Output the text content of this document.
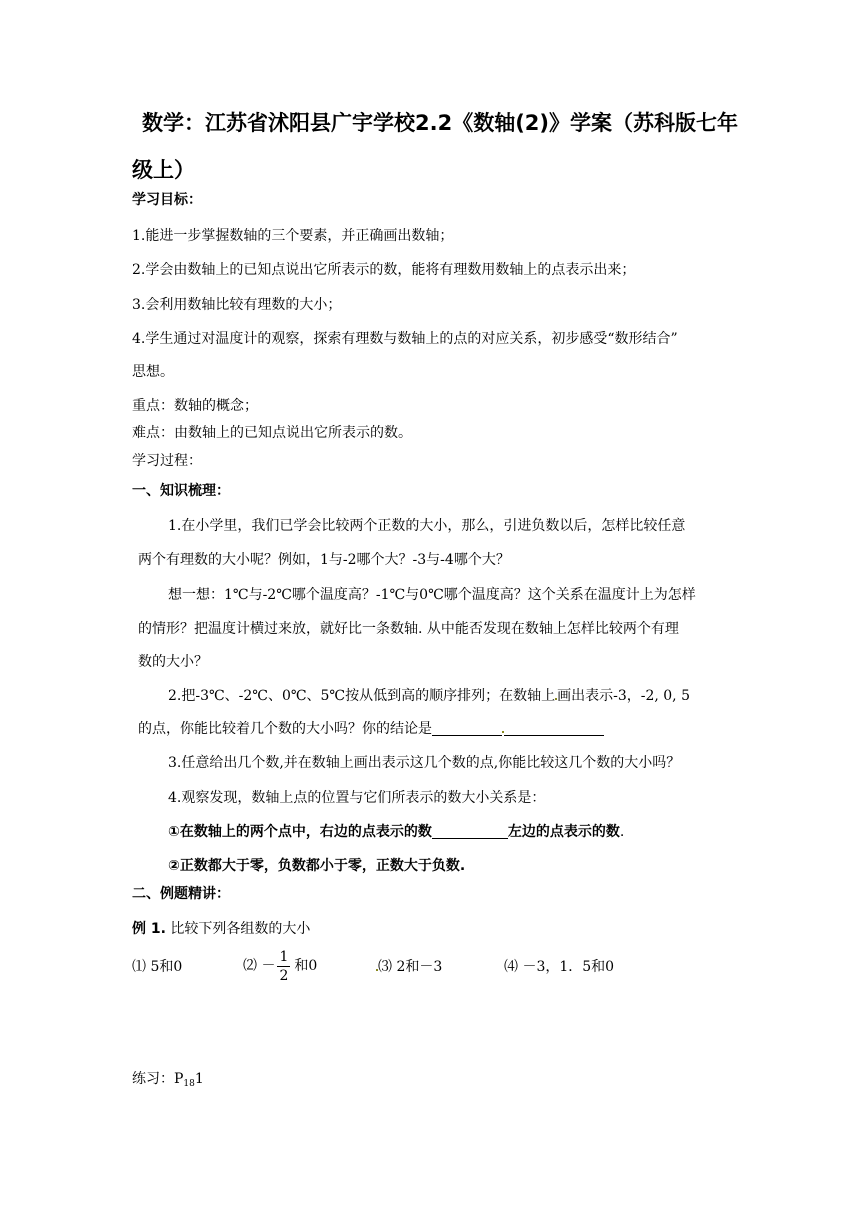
数学：江苏省沭阳县广宇学校2.2《数轴(2)》学案（苏科版七年级上）
学习目标：
1.能进一步掌握数轴的三个要素，并正确画出数轴；
2.学会由数轴上的已知点说出它所表示的数，能将有理数用数轴上的点表示出来；
3.会利用数轴比较有理数的大小；
4.学生通过对温度计的观察，探索有理数与数轴上的点的对应关系，初步感受“数形结合”
思想。
重点：数轴的概念；
难点：由数轴上的已知点说出它所表示的数。
学习过程：
一、知识梳理：
1.在小学里，我们已学会比较两个正数的大小，那么，引进负数以后，怎样比较任意
两个有理数的大小呢？例如，1与-2哪个大？-3与-4哪个大？
想一想：1℃与-2℃哪个温度高？-1℃与0℃哪个温度高？这个关系在温度计上为怎样
的情形？把温度计横过来放，就好比一条数轴. 从中能否发现在数轴上怎样比较两个有理
数的大小？
2.把-3℃、-2℃、0℃、5℃按从低到高的顺序排列；在数轴上 画出表示-3，-2, 0, 5
的点，你能比较着几个数的大小吗？你的结论是
3.任意给出几个数,并在数轴上画出表示这几个数的点,你能比较这几个数的大小吗？
4.观察发现，数轴上点的位置与它们所表示的数大小关系是：
①在数轴上的两个点中，右边的点表示的数	左边的点表示的数.
②正数都大于零，负数都小于零，正数大于负数.
二、例题精讲：
例 1. 比较下列各组数的大小
⑴ 5和0	⑵ － $\frac{1}{2}$ 和0	⑶ 2和－3	⑷ －3，1．5和0
练习：$P_{18}1$
